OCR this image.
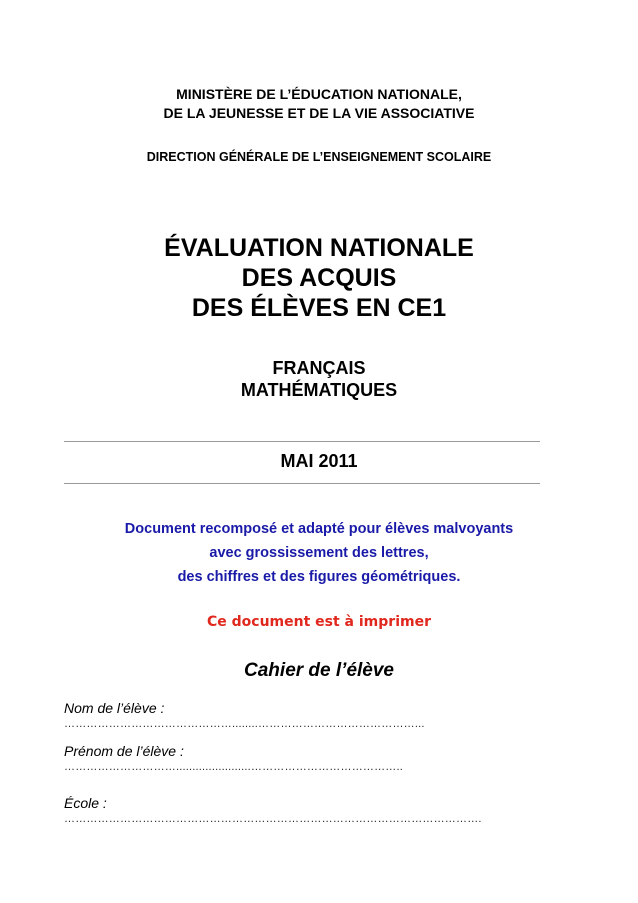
MINISTÈRE DE L’ÉDUCATION NATIONALE,
DE LA JEUNESSE ET DE LA VIE ASSOCIATIVE
DIRECTION GÉNÉRALE DE L’ENSEIGNEMENT SCOLAIRE
ÉVALUATION NATIONALE
DES ACQUIS
DES ÉLÈVES EN CE1
FRANÇAIS
MATHÉMATIQUES
MAI 2011
Document recomposé et adapté pour élèves malvoyants
avec grossissement des lettres,
des chiffres et des figures géométriques.
Ce document est à imprimer
Cahier de l’élève
Nom de l’élève :
………………………………………........……………………………………...
Prénom de l’élève :
………………………….......................…………………………………..
École :
………………………………………………………………………………………………….
